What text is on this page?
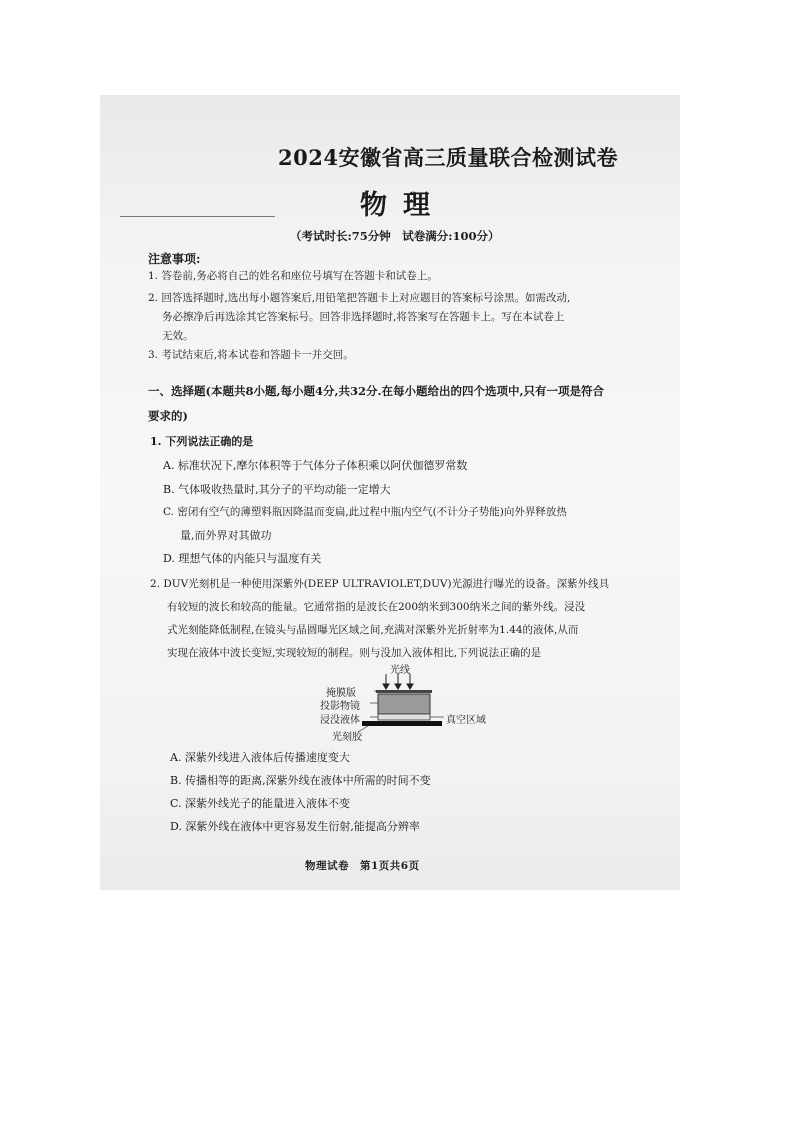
2024安徽省高三质量联合检测试卷
物理
（考试时长:75分钟　试卷满分:100分）
注意事项:
1. 答卷前,务必将自己的姓名和座位号填写在答题卡和试卷上。
2. 回答选择题时,选出每小题答案后,用铅笔把答题卡上对应题目的答案标号涂黑。如需改动,
务必擦净后再选涂其它答案标号。回答非选择题时,将答案写在答题卡上。写在本试卷上
无效。
3. 考试结束后,将本试卷和答题卡一并交回。
一、选择题(本题共8小题,每小题4分,共32分.在每小题给出的四个选项中,只有一项是符合
要求的)
1. 下列说法正确的是
A. 标准状况下,摩尔体积等于气体分子体积乘以阿伏伽德罗常数
B. 气体吸收热量时,其分子的平均动能一定增大
C. 密闭有空气的薄塑料瓶因降温而变扁,此过程中瓶内空气(不计分子势能)向外界释放热
量,而外界对其做功
D. 理想气体的内能只与温度有关
2. DUV光刻机是一种使用深紫外(DEEP ULTRAVIOLET,DUV)光源进行曝光的设备。深紫外线具
有较短的波长和较高的能量。它通常指的是波长在200纳米到300纳米之间的紫外线。浸没
式光刻能降低制程,在镜头与晶圆曝光区域之间,充满对深紫外光折射率为1.44的液体,从而
实现在液体中波长变短,实现较短的制程。则与没加入液体相比,下列说法正确的是
光线
掩膜版
投影物镜
浸没液体
光刻胶
真空区域
A. 深紫外线进入液体后传播速度变大
B. 传播相等的距离,深紫外线在液体中所需的时间不变
C. 深紫外线光子的能量进入液体不变
D. 深紫外线在液体中更容易发生衍射,能提高分辨率
物理试卷　第1页共6页
